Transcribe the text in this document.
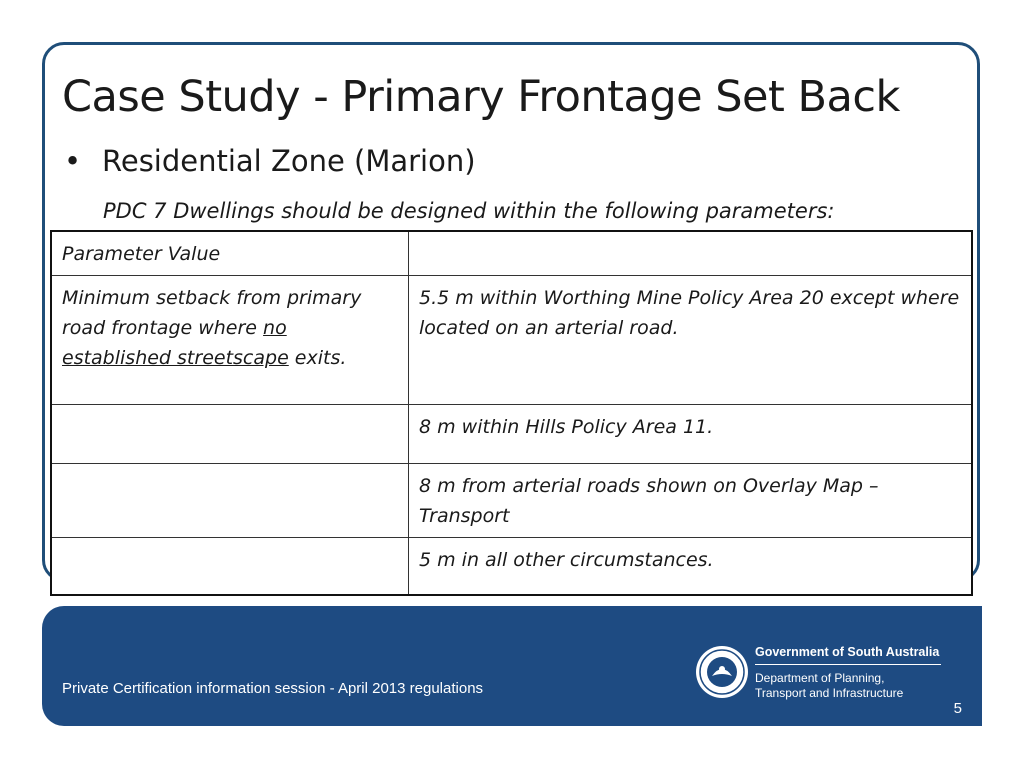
Case Study - Primary Frontage Set Back
• Residential Zone (Marion)
PDC 7 Dwellings should be designed within the following parameters:
Parameter Value	
Minimum setback from primary road frontage where no established streetscape exits.	5.5 m within Worthing Mine Policy Area 20 except where located on an arterial road.
	8 m within Hills Policy Area 11.
	8 m from arterial roads shown on Overlay Map – Transport
	5 m in all other circumstances.
Private Certification information session - April 2013 regulations
Government of South Australia
Department of Planning,
Transport and Infrastructure
5
